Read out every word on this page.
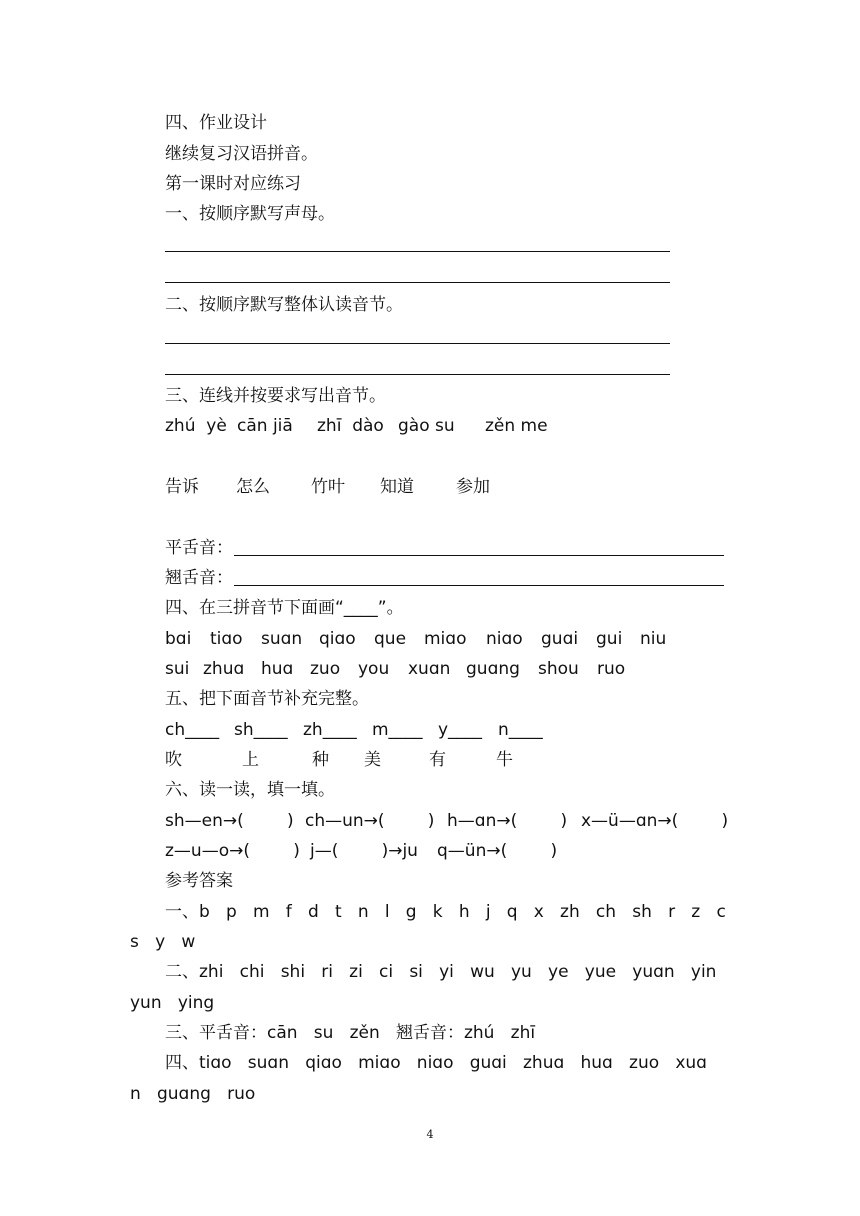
四、作业设计
继续复习汉语拼音。
第一课时对应练习
一、按顺序默写声母。
二、按顺序默写整体认读音节。
三、连线并按要求写出音节。
zhú  yè cān jiā zhī  dào gào su zěn me
告诉 怎么 竹叶 知道 参加
平舌音：
翘舌音：
四、在三拼音节下面画“____”。
bɑi tiɑo suɑn qiɑo que miɑo niɑo guɑi gui niu
sui zhuɑ huɑ zuo you xuɑn guɑng shou ruo
五、把下面音节补充完整。
ch____ sh____ zh____ m____ y____ n____
吹	上	种 美	有	牛
六、读一读，填一填。
sh—en→(        ) ch—un→(        ) h—ɑn→(        ) x—ü—ɑn→(        )
z—u—o→(        ) j—(        )→ju q—ün→(        )
参考答案
一、b   p   m   f   d   t   n   l   g   k   h   j   q   x   zh   ch   sh   r   z   c
s   y   w
二、zhi   chi   shi   ri   zi   ci   si   yi   wu   yu   ye   yue   yuɑn   yin
yun   ying
三、平舌音：cān   su   zěn   翘舌音：zhú   zhī
四、tiɑo   suɑn   qiɑo   miɑo   niɑo   guɑi   zhuɑ   huɑ   zuo   xuɑ
n   guɑng   ruo
4
